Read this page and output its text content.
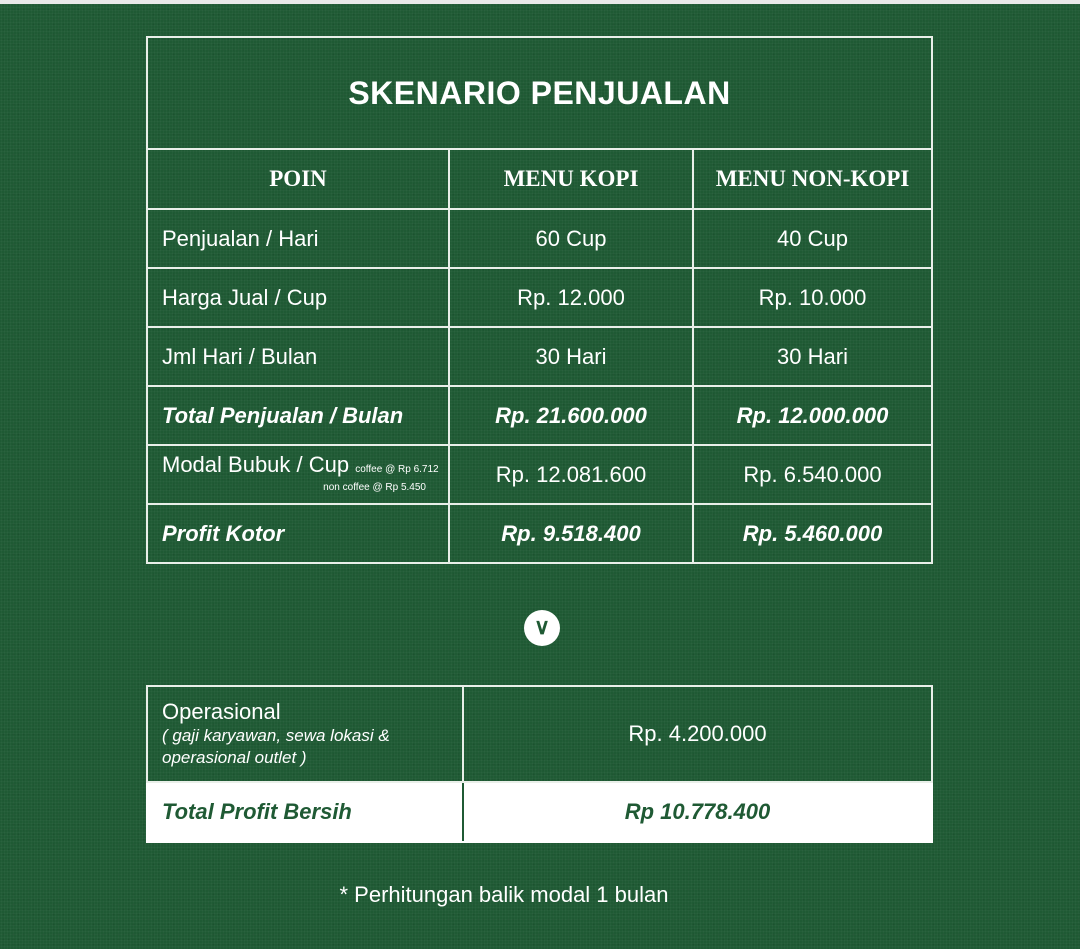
SKENARIO PENJUALAN		
POIN	MENU KOPI	MENU NON-KOPI
Penjualan / Hari	60 Cup	40 Cup
Harga Jual / Cup	Rp. 12.000	Rp. 10.000
Jml Hari / Bulan	30 Hari	30 Hari
Total Penjualan / Bulan	Rp. 21.600.000	Rp. 12.000.000
Modal Bubuk / Cup coffee @ Rp 6.712
non coffee @ Rp 5.450	Rp. 12.081.600	Rp. 6.540.000
Profit Kotor	Rp. 9.518.400	Rp. 5.460.000
∨
Operasional
( gaji karyawan, sewa lokasi & operasional outlet )	Rp. 4.200.000
Total Profit Bersih	Rp 10.778.400
* Perhitungan balik modal 1 bulan
